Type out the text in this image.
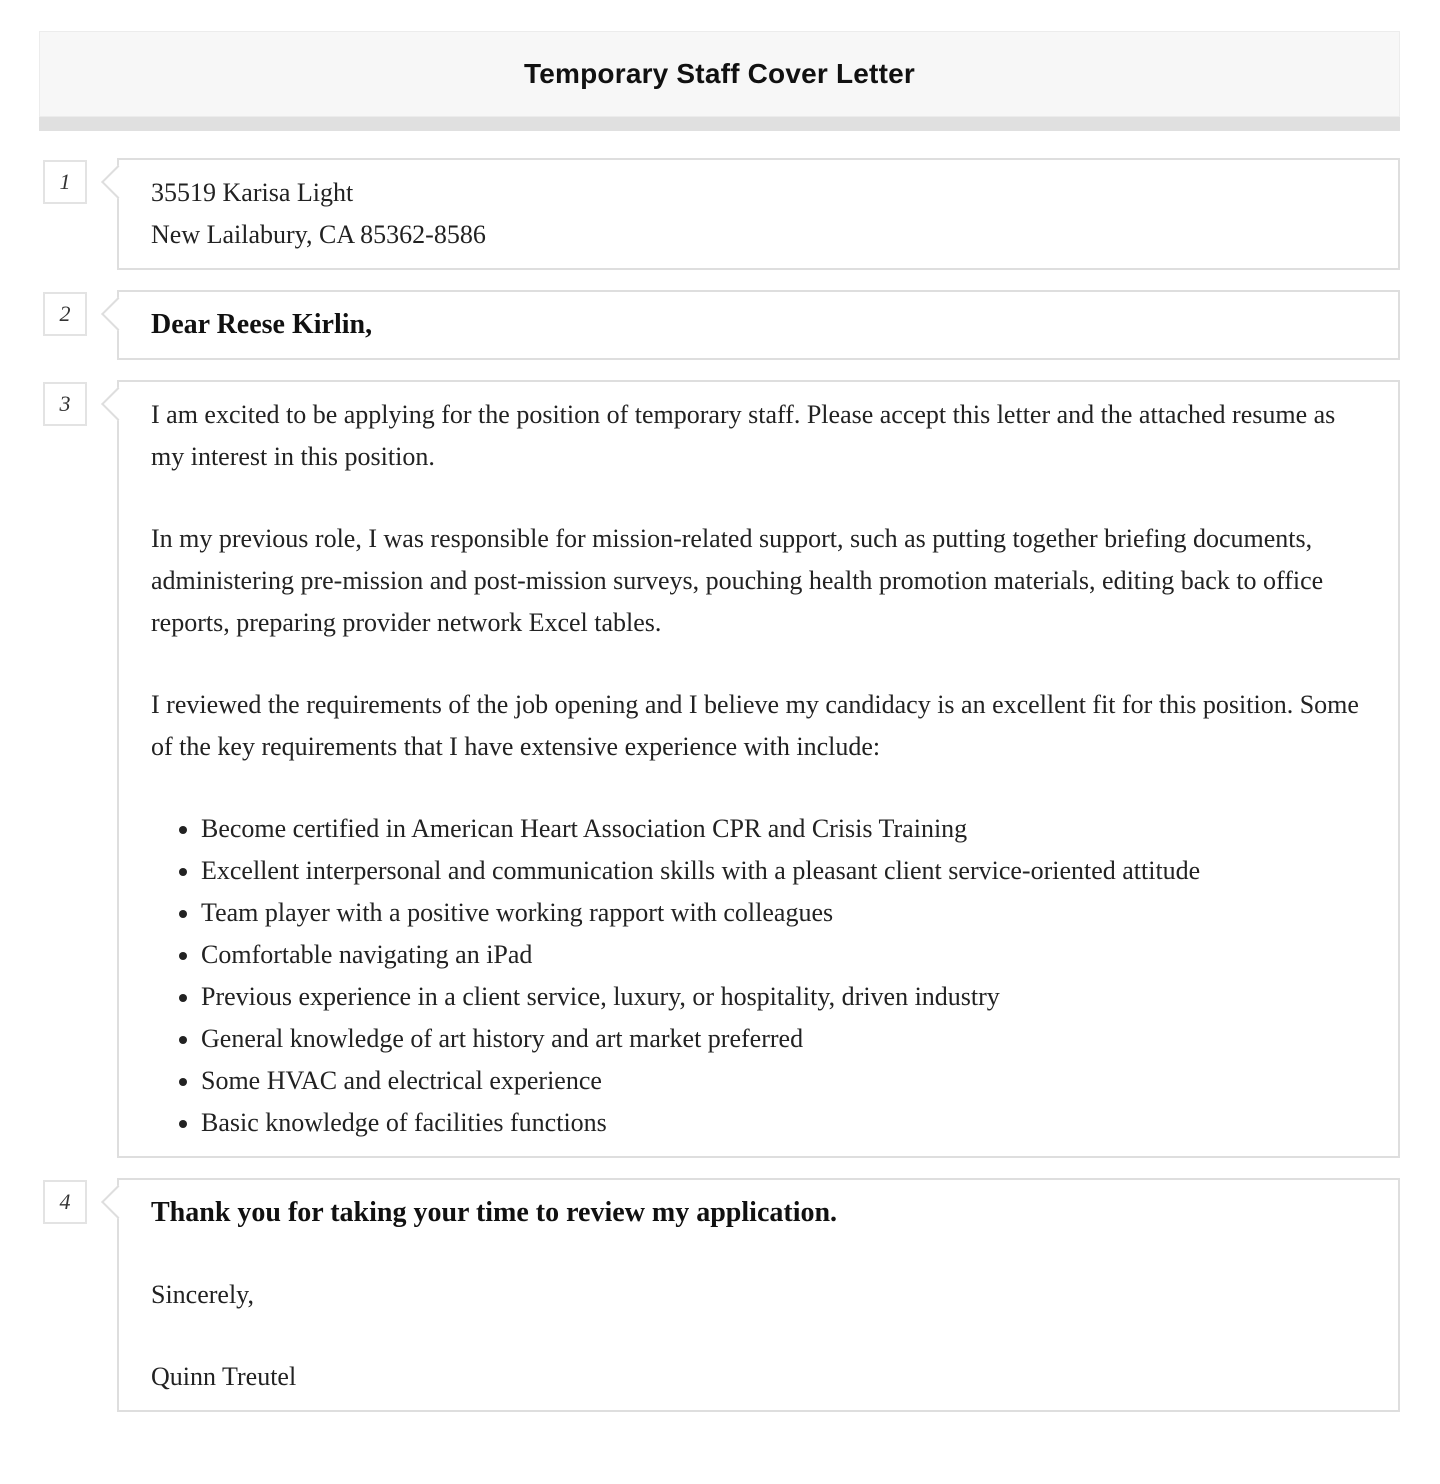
Temporary Staff Cover Letter
1	35519 Karisa Light
New Lailabury, CA 85362-8586
2	Dear Reese Kirlin,

3	I am excited to be applying for the position of temporary staff. Please accept this letter and the attached resume as my interest in this position.

In my previous role, I was responsible for mission-related support, such as putting together briefing documents, administering pre-mission and post-mission surveys, pouching health promotion materials, editing back to office reports, preparing provider network Excel tables.

I reviewed the requirements of the job opening and I believe my candidacy is an excellent fit for this position. Some of the key requirements that I have extensive experience with include:

• Become certified in American Heart Association CPR and Crisis Training
• Excellent interpersonal and communication skills with a pleasant client service-oriented attitude
• Team player with a positive working rapport with colleagues
• Comfortable navigating an iPad
• Previous experience in a client service, luxury, or hospitality, driven industry
• General knowledge of art history and art market preferred
• Some HVAC and electrical experience
• Basic knowledge of facilities functions
4	Thank you for taking your time to review my application.

Sincerely,

Quinn Treutel
